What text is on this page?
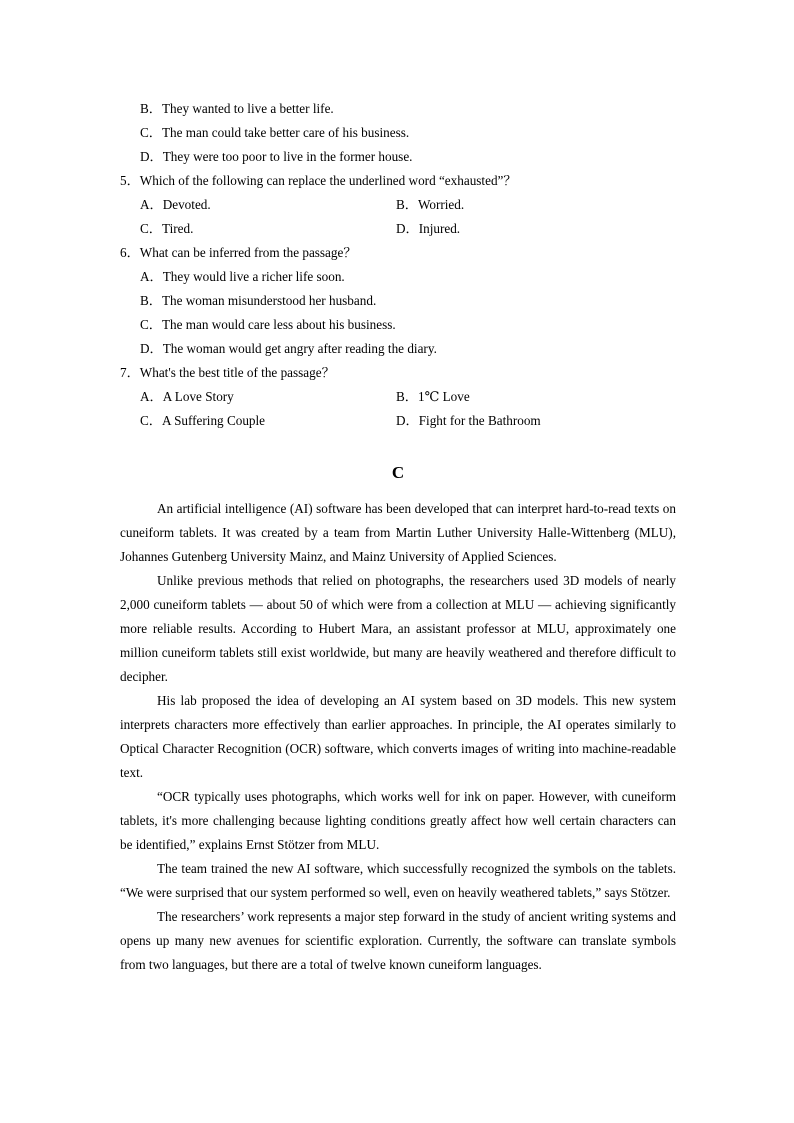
B．They wanted to live a better life.
C．The man could take better care of his business.
D．They were too poor to live in the former house.
5．Which of the following can replace the underlined word “exhausted”？
A．Devoted.	B．Worried.
C．Tired.	D．Injured.
6．What can be inferred from the passage？
A．They would live a richer life soon.
B．The woman misunderstood her husband.
C．The man would care less about his business.
D．The woman would get angry after reading the diary.
7．What's the best title of the passage？
A．A Love Story	B．1℃ Love
C．A Suffering Couple	D．Fight for the Bathroom
C

An artificial intelligence (AI) software has been developed that can interpret hard-to-read texts on cuneiform tablets. It was created by a team from Martin Luther University Halle-Wittenberg (MLU), Johannes Gutenberg University Mainz, and Mainz University of Applied Sciences.

Unlike previous methods that relied on photographs, the researchers used 3D models of nearly 2,000 cuneiform tablets — about 50 of which were from a collection at MLU — achieving significantly more reliable results. According to Hubert Mara, an assistant professor at MLU, approximately one million cuneiform tablets still exist worldwide, but many are heavily weathered and therefore difficult to decipher.

His lab proposed the idea of developing an AI system based on 3D models. This new system interprets characters more effectively than earlier approaches. In principle, the AI operates similarly to Optical Character Recognition (OCR) software, which converts images of writing into machine-readable text.

“OCR typically uses photographs, which works well for ink on paper. However, with cuneiform tablets, it's more challenging because lighting conditions greatly affect how well certain characters can be identified,” explains Ernst Stötzer from MLU.

The team trained the new AI software, which successfully recognized the symbols on the tablets. “We were surprised that our system performed so well, even on heavily weathered tablets,” says Stötzer.

The researchers’ work represents a major step forward in the study of ancient writing systems and opens up many new avenues for scientific exploration. Currently, the software can translate symbols from two languages, but there are a total of twelve known cuneiform languages.
